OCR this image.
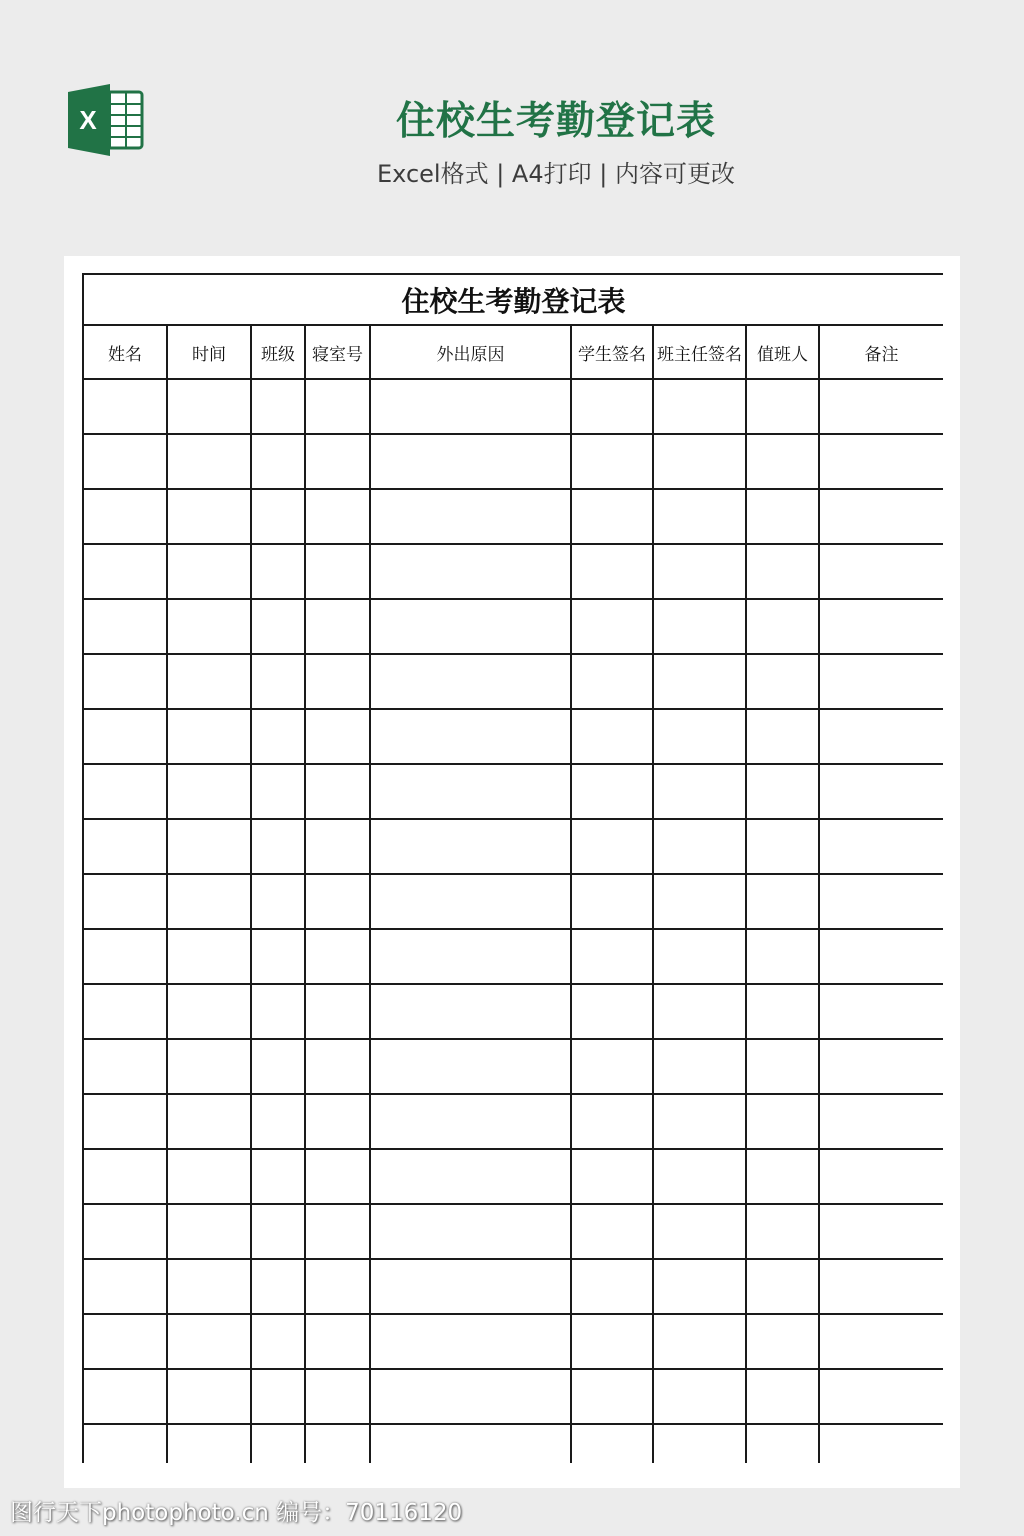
X	住校生考勤登记表
Excel格式 | A4打印 | 内容可更改
住校生考勤登记表								
姓名	时间	班级	寝室号	外出原因	学生签名	班主任签名	值班人	备注

图行天下photophoto.cn 编号：70116120
